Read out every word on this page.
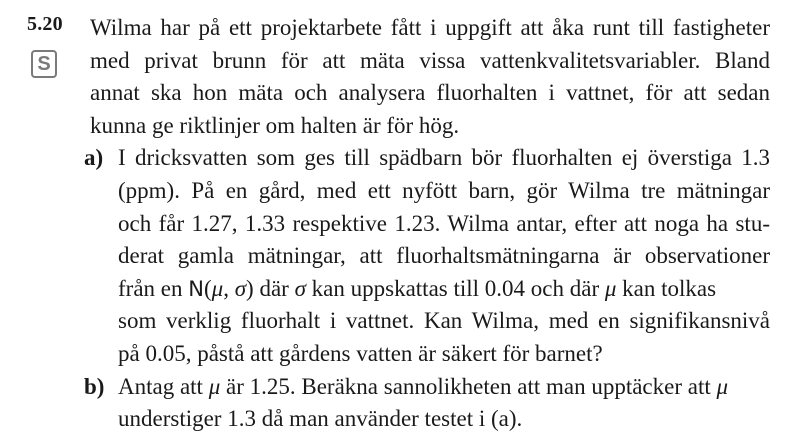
5.20
S
Wilma har på ett projektarbete fått i uppgift att åka runt till fastigheter
med privat brunn för att mäta vissa vattenkvalitetsvariabler. Bland
annat ska hon mäta och analysera fluorhalten i vattnet, för att sedan
kunna ge riktlinjer om halten är för hög.
a) I dricksvatten som ges till spädbarn bör fluorhalten ej överstiga 1.3
(ppm). På en gård, med ett nyfött barn, gör Wilma tre mätningar
och får 1.27, 1.33 respektive 1.23. Wilma antar, efter att noga ha stu-
derat gamla mätningar, att fluorhaltsmätningarna är observationer
från en N(μ, σ) där σ kan uppskattas till 0.04 och där μ kan tolkas
som verklig fluorhalt i vattnet. Kan Wilma, med en signifikansnivå
på 0.05, påstå att gårdens vatten är säkert för barnet?
b) Antag att μ är 1.25. Beräkna sannolikheten att man upptäcker att μ
understiger 1.3 då man använder testet i (a).
